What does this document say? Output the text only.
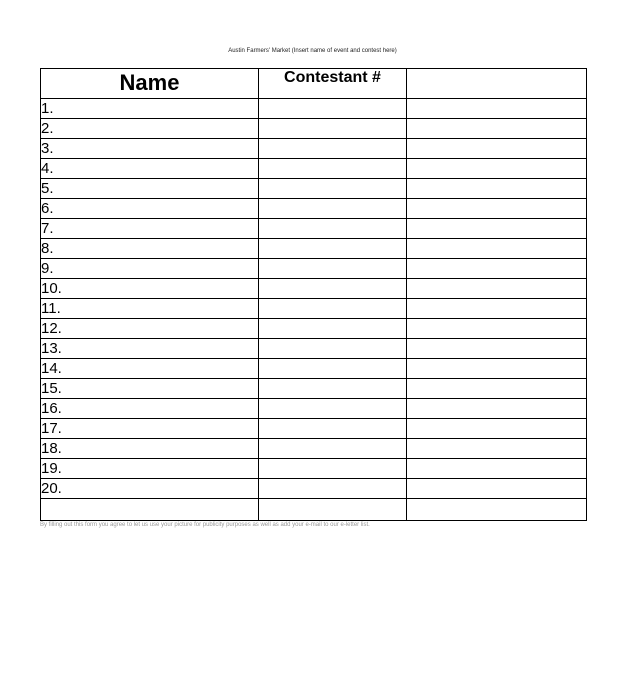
Austin Farmers' Market (Insert name of event and contest here)
Name	Contestant #	
1.		
2.		
3.		
4.		
5.		
6.		
7.		
8.		
9.		
10.		
11.		
12.		
13.		
14.		
15.		
16.		
17.		
18.		
19.		
20.		

By filling out this form you agree to let us use your picture for publicity purposes as well as add your e-mail to our e-letter list.
